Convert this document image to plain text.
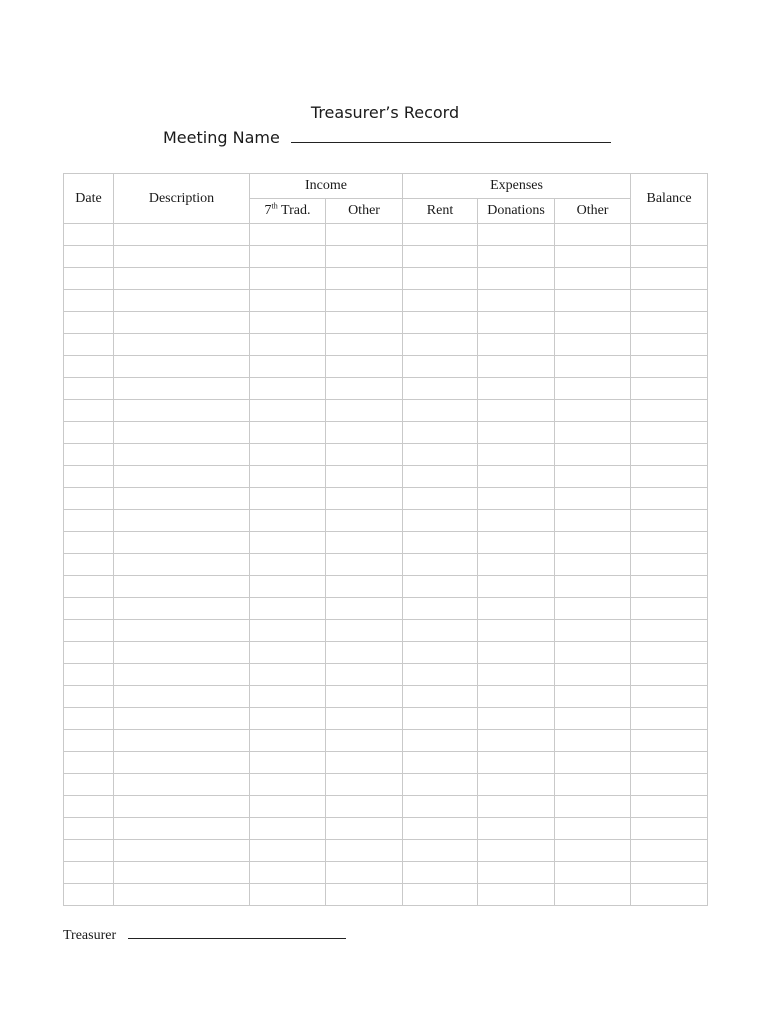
Treasurer’s Record
Meeting Name
Date	Description	Income		Expenses			Balance
		7th Trad.	Other	Rent	Donations	Other	

Treasurer
